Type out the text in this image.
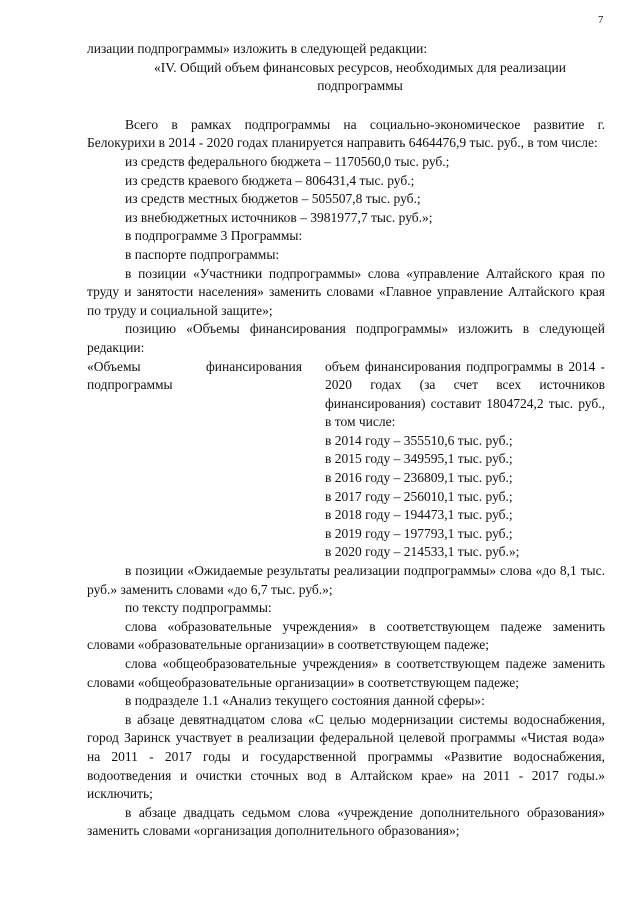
7

лизации подпрограммы» изложить в следующей редакции:

«IV. Общий объем финансовых ресурсов, необходимых для реализации подпрограммы

Всего в рамках подпрограммы на социально-экономическое развитие г. Белокурихи в 2014 - 2020 годах планируется направить 6464476,9 тыс. руб., в том числе:

из средств федерального бюджета – 1170560,0 тыс. руб.;

из средств краевого бюджета – 806431,4 тыс. руб.;

из средств местных бюджетов – 505507,8 тыс. руб.;

из внебюджетных источников – 3981977,7 тыс. руб.»;

в подпрограмме 3 Программы:

в паспорте подпрограммы:

в позиции «Участники подпрограммы» слова «управление Алтайского края по труду и занятости населения» заменить словами «Главное управление Алтайского края по труду и социальной защите»;

позицию «Объемы финансирования подпрограммы» изложить в следующей редакции:

«Объемы финансирования подпрограммы

объем финансирования подпрограммы в 2014 - 2020 годах (за счет всех источников финансирования) составит 1804724,2 тыс. руб., в том числе:

в 2014 году – 355510,6 тыс. руб.;

в 2015 году – 349595,1 тыс. руб.;

в 2016 году – 236809,1 тыс. руб.;

в 2017 году – 256010,1 тыс. руб.;

в 2018 году – 194473,1 тыс. руб.;

в 2019 году – 197793,1 тыс. руб.;

в 2020 году – 214533,1 тыс. руб.»;

в позиции «Ожидаемые результаты реализации подпрограммы» слова «до 8,1 тыс. руб.» заменить словами «до 6,7 тыс. руб.»;

по тексту подпрограммы:

слова «образовательные учреждения» в соответствующем падеже заменить словами «образовательные организации» в соответствующем падеже;

слова «общеобразовательные учреждения» в соответствующем падеже заменить словами «общеобразовательные организации» в соответствующем падеже;

в подразделе 1.1 «Анализ текущего состояния данной сферы»:

в абзаце девятнадцатом слова «С целью модернизации системы водоснабжения, город Заринск участвует в реализации федеральной целевой программы «Чистая вода» на 2011 - 2017 годы и государственной программы «Развитие водоснабжения, водоотведения и очистки сточных вод в Алтайском крае» на 2011 - 2017 годы.» исключить;

в абзаце двадцать седьмом слова «учреждение дополнительного образования» заменить словами «организация дополнительного образования»;
